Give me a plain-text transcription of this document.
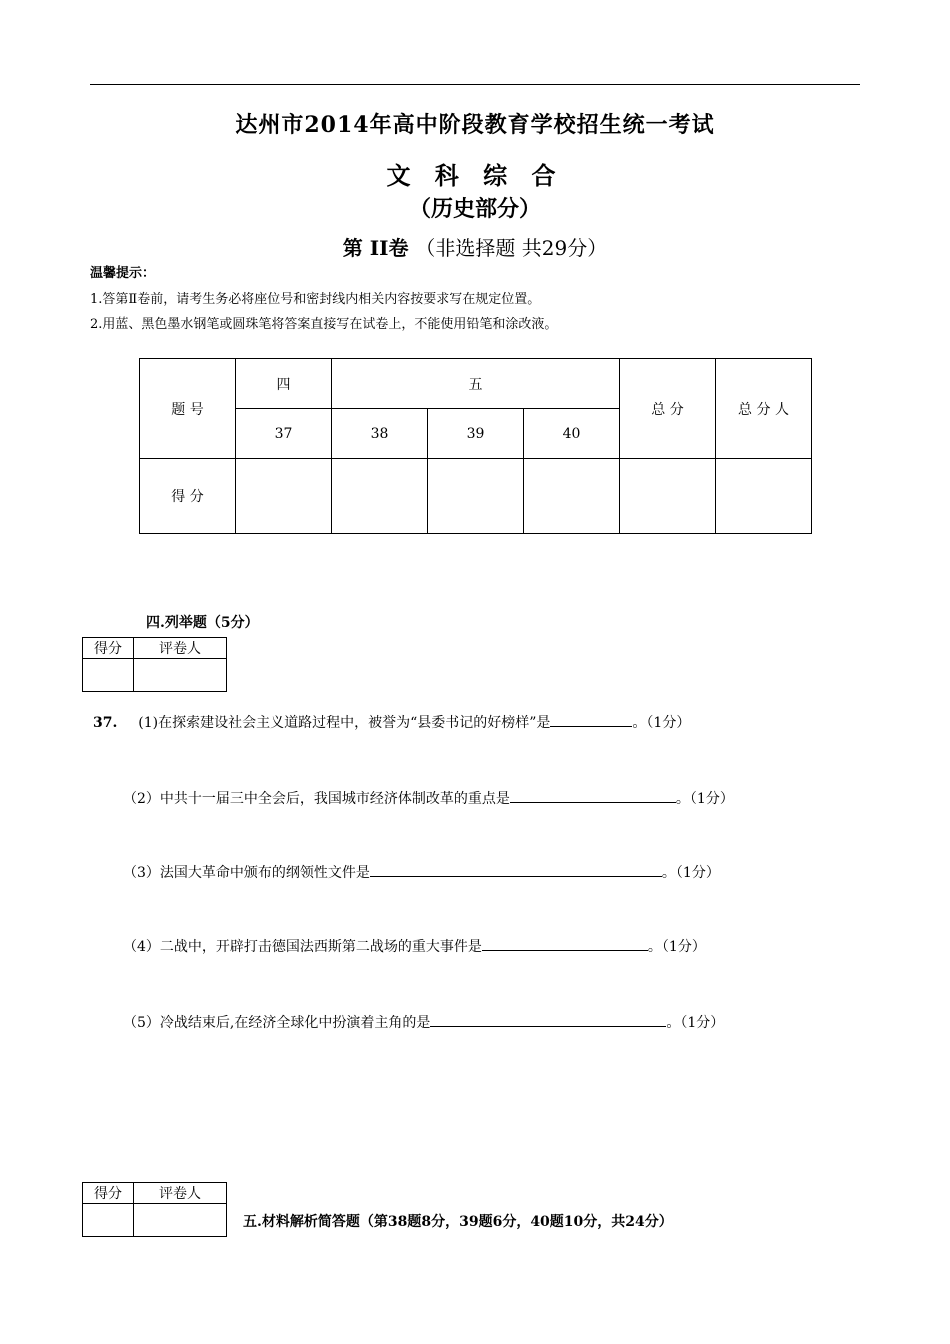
达州市2014年高中阶段教育学校招生统一考试
文 科 综 合
（历史部分）
第 II卷 （非选择题 共29分）
温馨提示：
1.答第Ⅱ卷前，请考生务必将座位号和密封线内相关内容按要求写在规定位置。
2.用蓝、黑色墨水钢笔或圆珠笔将答案直接写在试卷上，不能使用铅笔和涂改液。
题 号	四	五			总 分	总 分 人
	37	38	39	40		
得 分						
四.列举题（5分）
得分	评卷人

37. (1)在探索建设社会主义道路过程中，被誉为“县委书记的好榜样”是	。（1分）
（2）中共十一届三中全会后，我国城市经济体制改革的重点是	。（1分）
（3）法国大革命中颁布的纲领性文件是	。（1分）
（4）二战中，开辟打击德国法西斯第二战场的重大事件是	。（1分）
（5）冷战结束后,在经济全球化中扮演着主角的是	。（1分）
得分	评卷人

五.材料解析简答题（第38题8分，39题6分，40题10分，共24分）
